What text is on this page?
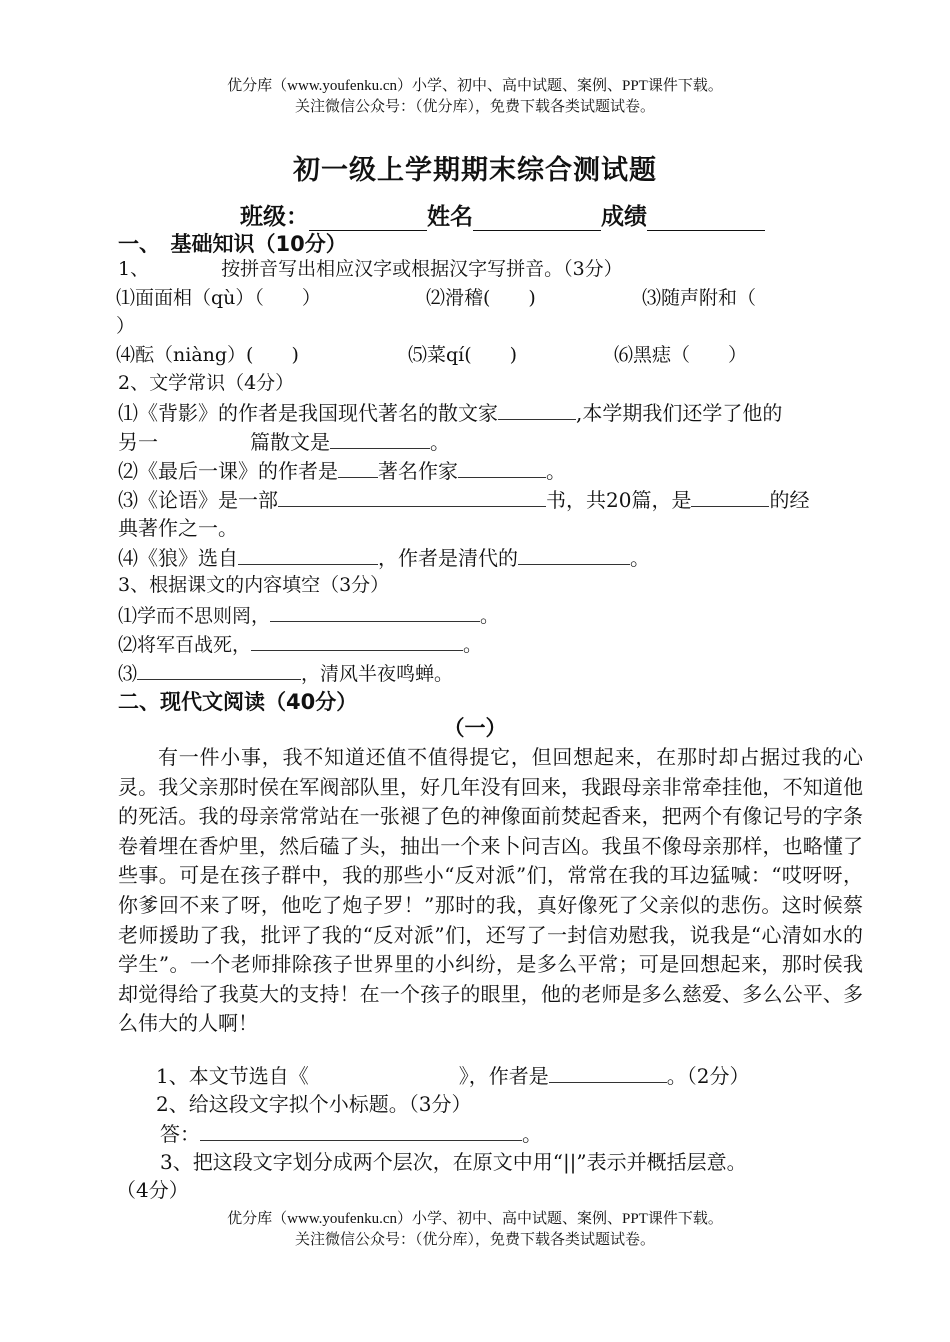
优分库（www.youfenku.cn）小学、初中、高中试题、案例、PPT课件下载。
关注微信公众号：（优分库），免费下载各类试题试卷。
初一级上学期期末综合测试题
班级：	姓名	成绩
一、　基础知识（10分）
1、	按拼音写出相应汉字或根据汉字写拼音。（3分）
⑴面面相（qù）（　　）	⑵滑稽(　　)	⑶随声附和（
）
⑷酝（niàng）(　　)	⑸菜qí(　　)	⑹黑痣（　　）
2、文学常识（4分）
⑴《背影》的作者是我国现代著名的散文家	,本学期我们还学了他的
另一	篇散文是	。
⑵《最后一课》的作者是 著名作家	。
⑶《论语》是一部	书，共20篇，是	的经
典著作之一。
⑷《狼》选自	，作者是清代的	。
3、根据课文的内容填空（3分）
⑴学而不思则罔，	。
⑵将军百战死，	。
⑶	，清风半夜鸣蝉。
二、现代文阅读（40分）
（一）
有一件小事，我不知道还值不值得提它，但回想起来，在那时却占据过我的心灵。我父亲那时侯在军阀部队里，好几年没有回来，我跟母亲非常牵挂他，不知道他的死活。我的母亲常常站在一张褪了色的神像面前焚起香来，把两个有像记号的字条卷着埋在香炉里，然后磕了头，抽出一个来卜问吉凶。我虽不像母亲那样，也略懂了些事。可是在孩子群中，我的那些小“反对派”们，常常在我的耳边猛喊：“哎呀呀，你爹回不来了呀，他吃了炮子罗！”那时的我，真好像死了父亲似的悲伤。这时候蔡老师援助了我，批评了我的“反对派”们，还写了一封信劝慰我，说我是“心清如水的学生”。一个老师排除孩子世界里的小纠纷，是多么平常；可是回想起来，那时侯我却觉得给了我莫大的支持！在一个孩子的眼里，他的老师是多么慈爱、多么公平、多么伟大的人啊！
1、本文节选自《	》，作者是	。（2分）
2、给这段文字拟个小标题。（3分）
答：	。
3、把这段文字划分成两个层次，在原文中用“||”表示并概括层意。
（4分）
优分库（www.youfenku.cn）小学、初中、高中试题、案例、PPT课件下载。
关注微信公众号：（优分库），免费下载各类试题试卷。
